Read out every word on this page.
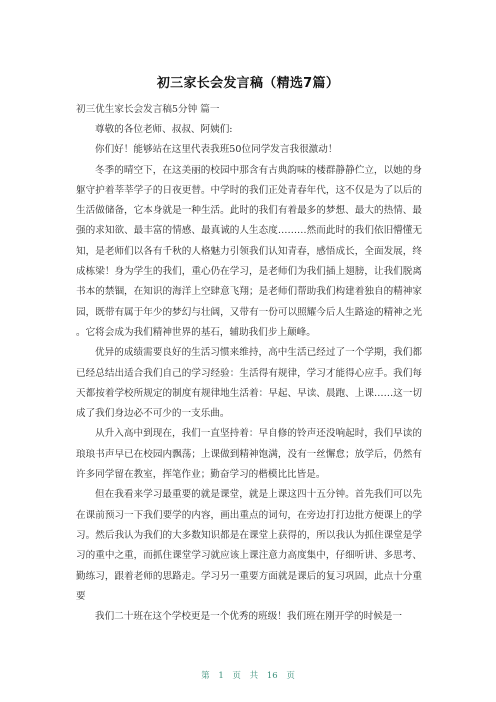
初三家长会发言稿（精选7篇）
初三优生家长会发言稿5分钟 篇一

尊敬的各位老师、叔叔、阿姨们:

你们好！能够站在这里代表我班50位同学发言我很激动！

冬季的晴空下，在这美丽的校园中那含有古典韵味的楼群静静伫立，以她的身躯守护着莘莘学子的日夜更替。中学时的我们正处青春年代，这不仅是为了以后的生活做储备，它本身就是一种生活。此时的我们有着最多的梦想、最大的热情、最强的求知欲、最丰富的情感、最真诚的人生态度………然而此时的我们依旧懵懂无知，是老师们以各有千秋的人格魅力引领我们认知青春，感悟成长，全面发展，终成栋梁！身为学生的我们，重心仍在学习，是老师们为我们插上翅膀，让我们脱离书本的禁锢，在知识的海洋上空肆意飞翔；是老师们帮助我们构建着独自的精神家园，既带有属于年少的梦幻与壮阔，又带有一份可以照耀今后人生路途的精神之光。它将会成为我们精神世界的基石，辅助我们步上颠峰。

优异的成绩需要良好的生活习惯来维持，高中生活已经过了一个学期，我们都已经总结出适合我们自己的学习经验：生活得有规律，学习才能得心应手。我们每天都按着学校所规定的制度有规律地生活着：早起、早读、晨跑、上课……这一切成了我们身边必不可少的一支乐曲。

从升入高中到现在，我们一直坚持着：早自修的铃声还没响起时，我们早读的琅琅书声早已在校园内飘荡；上课做到精神饱满，没有一丝懈怠；放学后，仍然有许多同学留在教室，挥笔作业；勤奋学习的楷模比比皆是。

但在我看来学习最重要的就是课堂，就是上课这四十五分钟。首先我们可以先在课前预习一下我们要学的内容，画出重点的词句，在旁边打打边批方便课上的学习。然后我认为我们的大多数知识都是在课堂上获得的，所以我认为抓住课堂是学习的重中之重，而抓住课堂学习就应该上课注意力高度集中，仔细听讲、多思考、勤练习，跟着老师的思路走。学习另一重要方面就是课后的复习巩固，此点十分重要

我们二十班在这个学校更是一个优秀的班级！我们班在刚开学的时候是一

第 1 页 共 16 页
